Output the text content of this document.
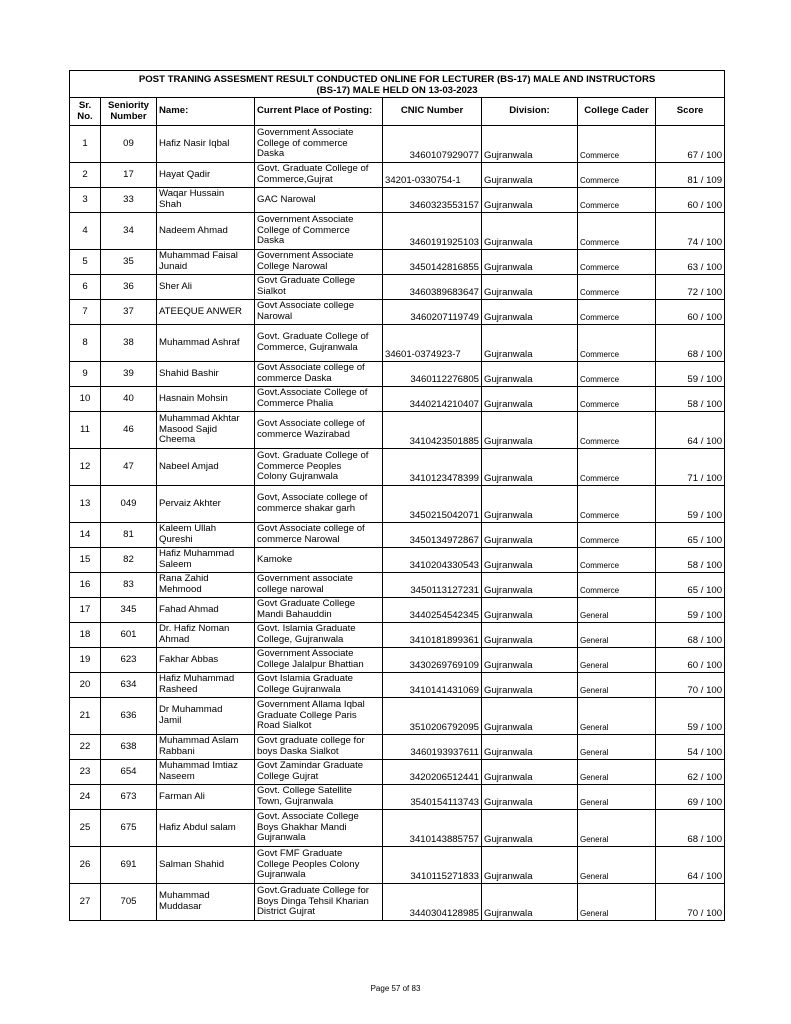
POST TRANING ASSESMENT RESULT CONDUCTED ONLINE FOR LECTURER (BS-17) MALE AND INSTRUCTORS
(BS-17) MALE HELD ON 13-03-2023							

Sr.
No.	Seniority
Number	Name:	Current Place of Posting:	CNIC Number	Division:	College Cader	Score
1	09	Hafiz Nasir Iqbal	Government Associate
College of commerce
Daska	3460107929077	Gujranwala	Commerce	67 / 100
2	17	Hayat Qadir	Govt. Graduate College of
Commerce,Gujrat	34201-0330754-1	Gujranwala	Commerce	81 / 109
3	33	Waqar Hussain
Shah	GAC Narowal	3460323553157	Gujranwala	Commerce	60 / 100
4	34	Nadeem Ahmad	Government Associate
College of Commerce
Daska	3460191925103	Gujranwala	Commerce	74 / 100
5	35	Muhammad Faisal
Junaid	Government Associate
College Narowal	3450142816855	Gujranwala	Commerce	63 / 100
6	36	Sher Ali	Govt Graduate College
Sialkot	3460389683647	Gujranwala	Commerce	72 / 100
7	37	ATEEQUE ANWER	Govt Associate college
Narowal	3460207119749	Gujranwala	Commerce	60 / 100
8	38	Muhammad Ashraf	Govt. Graduate College of
Commerce, Gujranwala	34601-0374923-7	Gujranwala	Commerce	68 / 100
9	39	Shahid Bashir	Govt Associate college of
commerce Daska	3460112276805	Gujranwala	Commerce	59 / 100
10	40	Hasnain Mohsin	Govt.Associate College of
Commerce Phalia	3440214210407	Gujranwala	Commerce	58 / 100
11	46	Muhammad Akhtar
Masood Sajid
Cheema	Govt Associate college of
commerce Wazirabad	3410423501885	Gujranwala	Commerce	64 / 100
12	47	Nabeel Amjad	Govt. Graduate College of
Commerce Peoples
Colony Gujranwala	3410123478399	Gujranwala	Commerce	71 / 100
13	049	Pervaiz Akhter	Govt, Associate college of
commerce shakar garh	3450215042071	Gujranwala	Commerce	59 / 100
14	81	Kaleem Ullah
Qureshi	Govt Associate college of
commerce Narowal	3450134972867	Gujranwala	Commerce	65 / 100
15	82	Hafiz Muhammad
Saleem	Kamoke	3410204330543	Gujranwala	Commerce	58 / 100
16	83	Rana Zahid
Mehmood	Government associate
college narowal	3450113127231	Gujranwala	Commerce	65 / 100
17	345	Fahad Ahmad	Govt Graduate College
Mandi Bahauddin	3440254542345	Gujranwala	General	59 / 100
18	601	Dr. Hafiz Noman
Ahmad	Govt. Islamia Graduate
College, Gujranwala	3410181899361	Gujranwala	General	68 / 100
19	623	Fakhar Abbas	Government Associate
College Jalalpur Bhattian	3430269769109	Gujranwala	General	60 / 100
20	634	Hafiz Muhammad
Rasheed	Govt Islamia Graduate
College Gujranwala	3410141431069	Gujranwala	General	70 / 100
21	636	Dr Muhammad
Jamil	Government Allama Iqbal
Graduate College Paris
Road Sialkot	3510206792095	Gujranwala	General	59 / 100
22	638	Muhammad Aslam
Rabbani	Govt graduate college for
boys Daska Sialkot	3460193937611	Gujranwala	General	54 / 100
23	654	Muhammad Imtiaz
Naseem	Govt Zamindar Graduate
College Gujrat	3420206512441	Gujranwala	General	62 / 100
24	673	Farman Ali	Govt. College Satellite
Town, Gujranwala	3540154113743	Gujranwala	General	69 / 100
25	675	Hafiz Abdul salam	Govt. Associate College
Boys Ghakhar Mandi
Gujranwala	3410143885757	Gujranwala	General	68 / 100
26	691	Salman Shahid	Govt FMF Graduate
College Peoples Colony
Gujranwala	3410115271833	Gujranwala	General	64 / 100
27	705	Muhammad
Muddasar	Govt.Graduate College for
Boys Dinga Tehsil Kharian
District Gujrat	3440304128985	Gujranwala	General	70 / 100
Page 57 of 83
